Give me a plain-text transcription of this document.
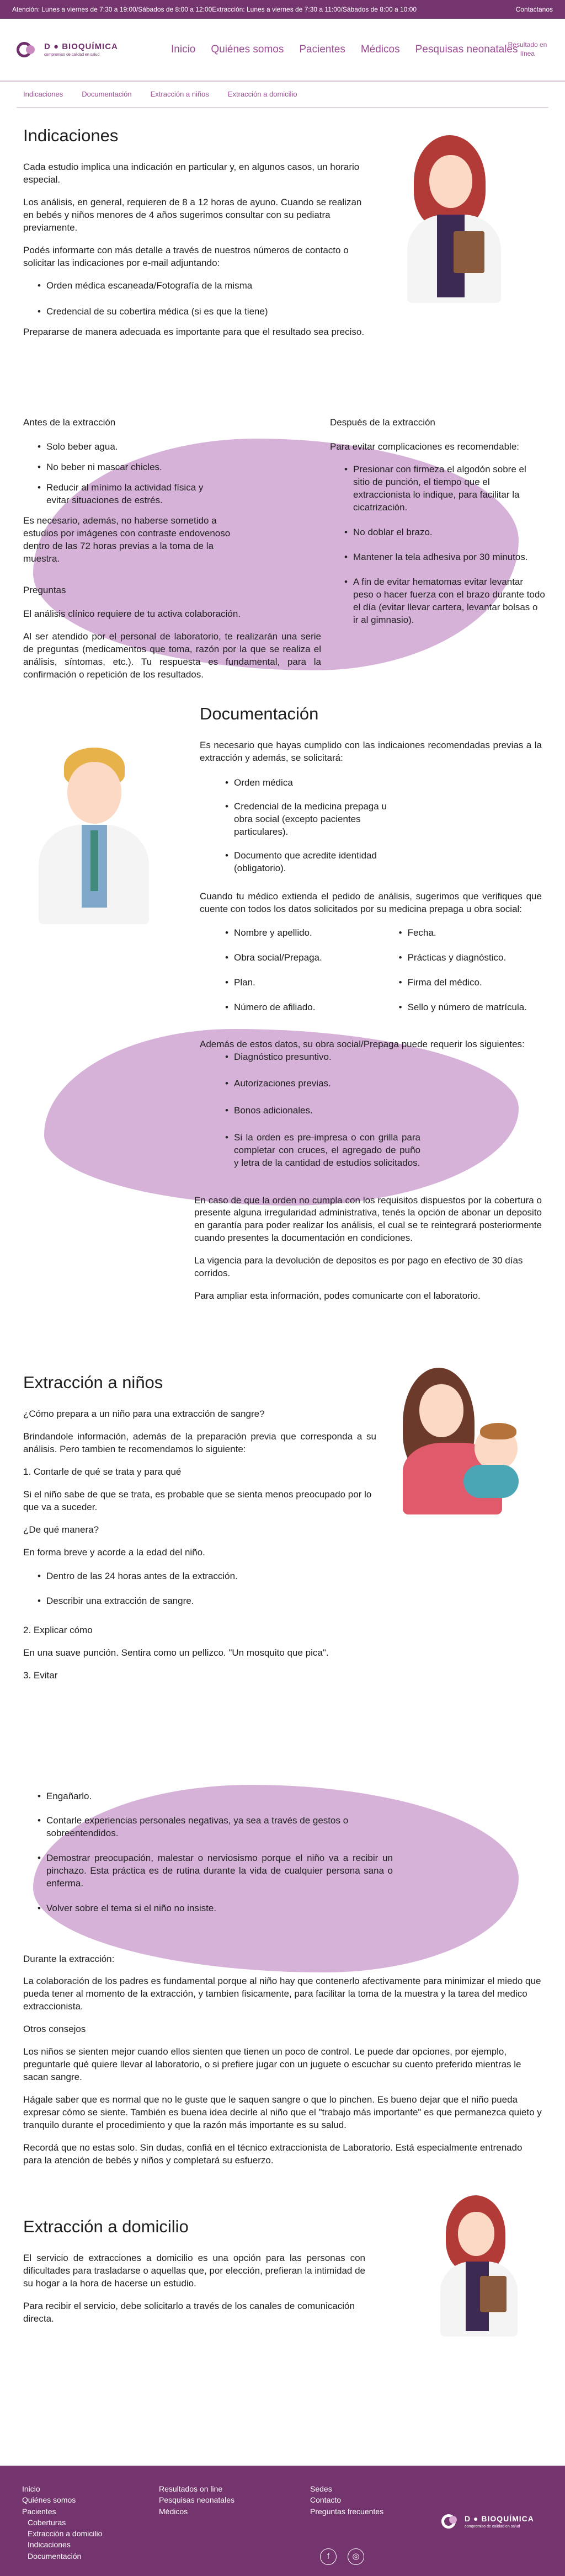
Atención: Lunes a viernes de 7:30 a 19:00/Sábados de 8:00 a 12:00 Extracción: Lunes a viernes de 7:30 a 11:00/Sábados de 8:00 a 10:00	Contactanos
D ● BIOQUÍMICA
compromiso de calidad en salud	Inicio Quiénes somos Pacientes Médicos Pesquisas neonatales
Resultado en línea
Indicaciones	Documentación	Extracción a niños	Extracción a domicilio
Indicaciones

Cada estudio implica una indicación en particular y, en algunos casos, un horario especial.

Los análisis, en general, requieren de 8 a 12 horas de ayuno. Cuando se realizan en bebés y niños menores de 4 años sugerimos consultar con su pediatra previamente.

Podés informarte con más detalle a través de nuestros números de contacto o solicitar las indicaciones por e-mail adjuntando:

• Orden médica escaneada/Fotografía de la misma
• Credencial de su cobertira médica (si es que la tiene)

Prepararse de manera adecuada es importante para que el resultado sea preciso.

Antes de la extracción
• Solo beber agua.
• No beber ni mascar chicles.
• Reducir al mínimo la actividad física y evitar situaciones de estrés.

Es necesario, además, no haberse sometido a estudios por imágenes con contraste endovenoso dentro de las 72 horas previas a la toma de la muestra.

Preguntas

El análisis clínico requiere de tu activa colaboración.

Al ser atendido por el personal de laboratorio, te realizarán una serie de preguntas (medicamentos que toma, razón por la que se realiza el análisis, síntomas, etc.). Tu respuesta es fundamental, para la confirmación o repetición de los resultados.

Después de la extracción

Para evitar complicaciones es recomendable:

• Presionar con firmeza el algodón sobre el sitio de punción, el tiempo que el extraccionista lo indique, para facilitar la cicatrización.
• No doblar el brazo.
• Mantener la tela adhesiva por 30 minutos.
• A fin de evitar hematomas evitar levantar peso o hacer fuerza con el brazo durante todo el día (evitar llevar cartera, levantar bolsas o ir al gimnasio).
Documentación

Es necesario que hayas cumplido con las indicaiones recomendadas previas a la extracción y además, se solicitará:

• Orden médica
• Credencial de la medicina prepaga u obra social (excepto pacientes particulares).
• Documento que acredite identidad (obligatorio).

Cuando tu médico extienda el pedido de análisis, sugerimos que verifiques que cuente con todos los datos solicitados por su medicina prepaga u obra social:

• Nombre y apellido.
• Obra social/Prepaga.
• Plan.
• Número de afiliado.
• Fecha.
• Prácticas y diagnóstico.
• Firma del médico.
• Sello y número de matrícula.

Además de estos datos, su obra social/Prepaga puede requerir los siguientes:

• Diagnóstico presuntivo.
• Autorizaciones previas.
• Bonos adicionales.
• Si la orden es pre-impresa o con grilla para completar con cruces, el agregado de puño y letra de la cantidad de estudios solicitados.

En caso de que la orden no cumpla con los requisitos dispuestos por la cobertura o presente alguna irregularidad administrativa, tenés la opción de abonar un deposito en garantía para poder realizar los análisis, el cual se te reintegrará posteriormente cuando presentes la documentación en condiciones.

La vigencia para la devolución de depositos es por pago en efectivo de 30 días corridos.

Para ampliar esta información, podes comunicarte con el laboratorio.

Extracción a niños

¿Cómo prepara a un niño para una extracción de sangre?

Brindandole información, además de la preparación previa que corresponda a su análisis. Pero tambien te recomendamos lo siguiente:

1. Contarle de qué se trata y para qué

Si el niño sabe de que se trata, es probable que se sienta menos preocupado por lo que va a suceder.

¿De qué manera?

En forma breve y acorde a la edad del niño.

• Dentro de las 24 horas antes de la extracción.
• Describir una extracción de sangre.

2. Explicar cómo

En una suave punción. Sentira como un pellizco. "Un mosquito que pica".

3. Evitar

• Engañarlo.
• Contarle experiencias personales negativas, ya sea a través de gestos o sobreentendidos.
• Demostrar preocupación, malestar o nerviosismo porque el niño va a recibir un pinchazo. Esta práctica es de rutina durante la vida de cualquier persona sana o enferma.
• Volver sobre el tema si el niño no insiste.

Durante la extracción:

La colaboración de los padres es fundamental porque al niño hay que contenerlo afectivamente para minimizar el miedo que pueda tener al momento de la extracción, y tambien fisicamente, para facilitar la toma de la muestra y la tarea del medico extraccionista.

Otros consejos

Los niños se sienten mejor cuando ellos sienten que tienen un poco de control. Le puede dar opciones, por ejemplo, preguntarle qué quiere llevar al laboratorio, o si prefiere jugar con un juguete o escuchar su cuento preferido mientras le sacan sangre.

Hágale saber que es normal que no le guste que le saquen sangre o que lo pinchen. Es bueno dejar que el niño pueda expresar cómo se siente. También es buena idea decirle al niño que el "trabajo más importante" es que permanezca quieto y tranquilo durante el procedimiento y que la razón más importante es su salud.

Recordá que no estas solo. Sin dudas, confiá en el técnico extraccionista de Laboratorio. Está especialmente entrenado para la atención de bebés y niños y completará su esfuerzo.

Extracción a domicilio

El servicio de extracciones a domicilio es una opción para las personas con dificultades para trasladarse o aquellas que, por elección, prefieran la intimidad de su hogar a la hora de hacerse un estudio.

Para recibir el servicio, debe solicitarlo a través de los canales de comunicación directa.

Inicio
Quiénes somos
Pacientes
Coberturas
Extracción a domicilio
Indicaciones
Documentación
Resultados on line
Pesquisas neonatales
Médicos
Sedes
Contacto
Preguntas frecuentes
f	◎
D ● BIOQUÍMICA
compromiso de calidad en salud
